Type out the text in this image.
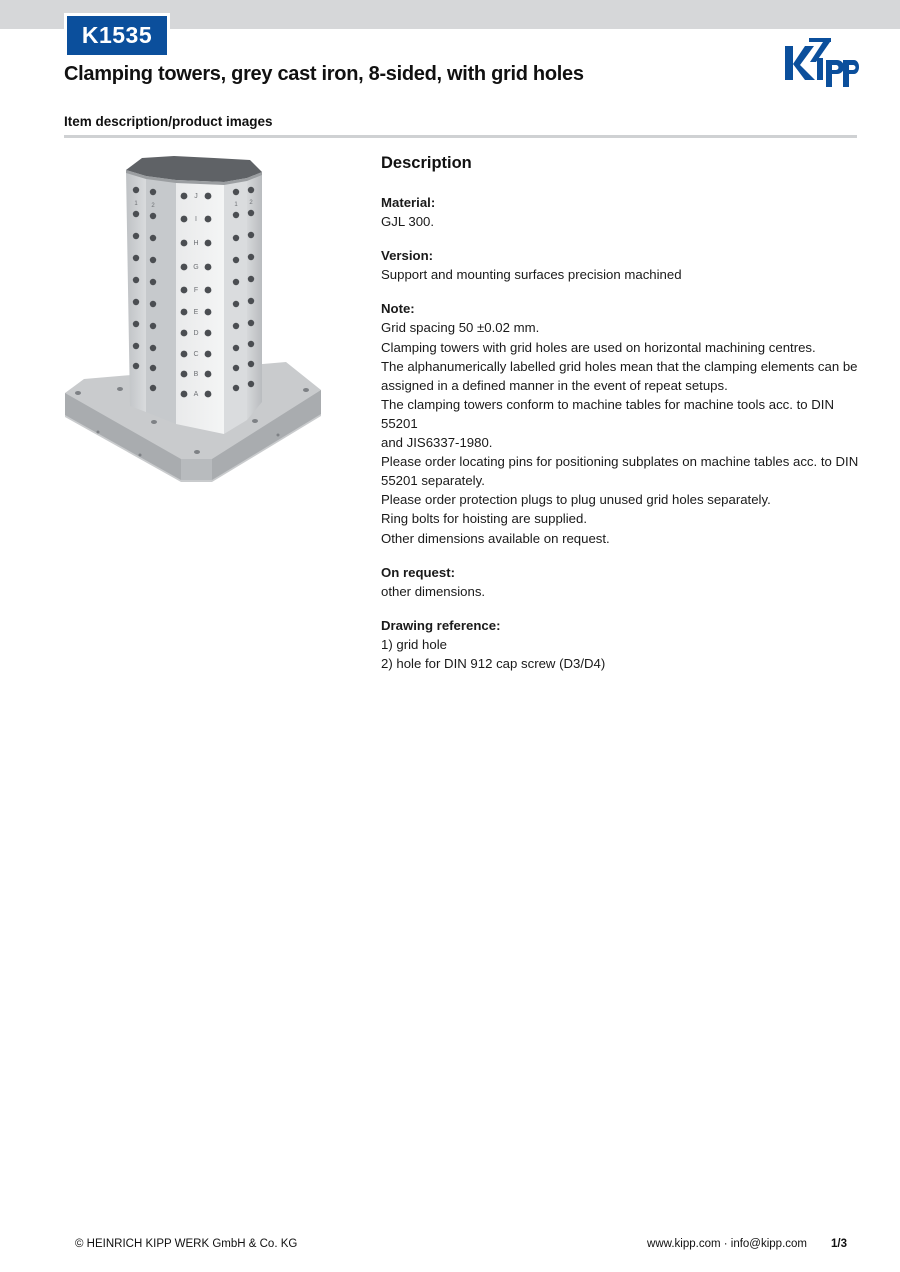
K1535
Clamping towers, grey cast iron, 8-sided, with grid holes
Kipp
Item description/product images
J
I
H
G
F
E
D
C
B
A
1 2	1 2
Description
Material:
GJL 300.
Version:
Support and mounting surfaces precision machined
Note:
Grid spacing 50 ±0.02 mm.
Clamping towers with grid holes are used on horizontal machining centres.
The alphanumerically labelled grid holes mean that the clamping elements can be
assigned in a defined manner in the event of repeat setups.
The clamping towers conform to machine tables for machine tools acc. to DIN 55201
and JIS6337-1980.
Please order locating pins for positioning subplates on machine tables acc. to DIN
55201 separately.
Please order protection plugs to plug unused grid holes separately.
Ring bolts for hoisting are supplied.
Other dimensions available on request.
On request:
other dimensions.
Drawing reference:
1) grid hole
2) hole for DIN 912 cap screw (D3/D4)
© HEINRICH KIPP WERK GmbH & Co. KG	www.kipp.com · info@kipp.com 1/3
